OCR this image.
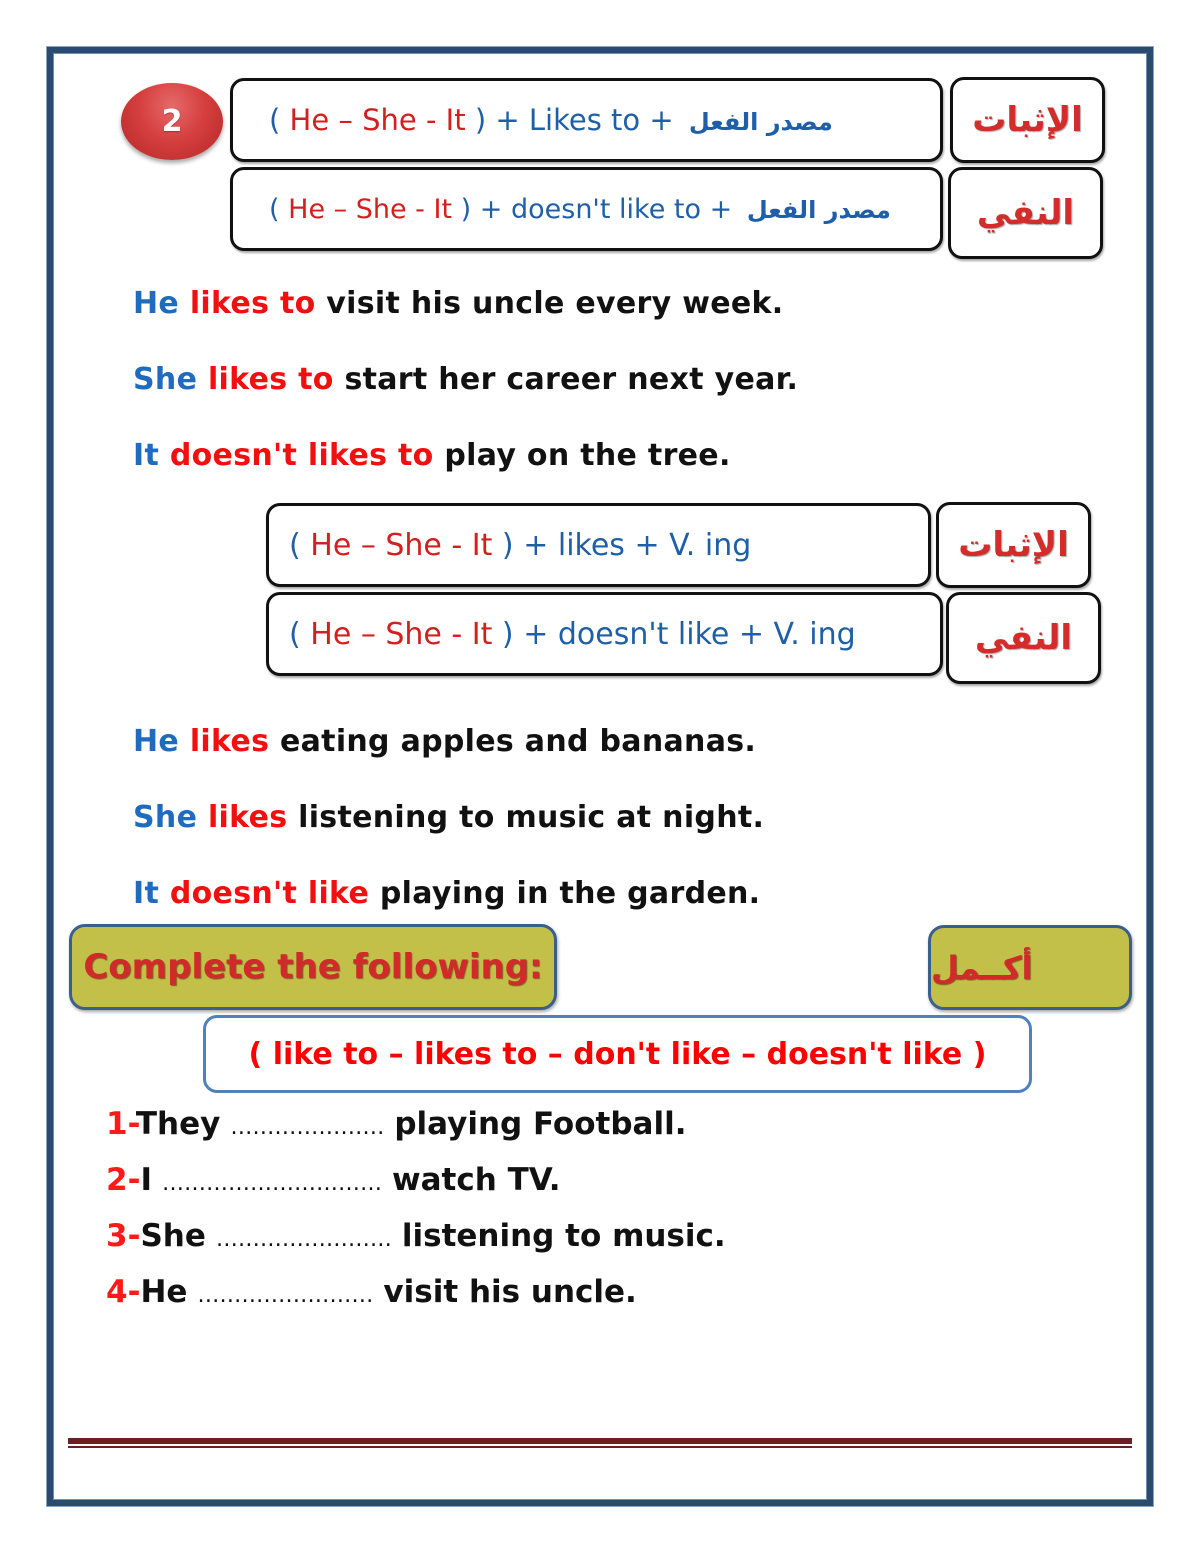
2	( He – She - It ) + Likes to + مصدر الفعل	الإثبات
( He – She - It ) + doesn't like to + مصدر الفعل	النفي
He likes to visit his uncle every week.
She likes to start her career next year.
It doesn't likes to play on the tree.
( He – She - It ) + likes + V. ing	الإثبات
( He – She - It ) + doesn't like + V. ing	النفي
He likes eating apples and bananas.
She likes listening to music at night.
It doesn't like playing in the garden.
Complete the following:	أكــمل
( like to – likes to – don't like – doesn't like )
1-They ………………… playing Football.
2-I ………………………… watch TV.
3-She …………………… listening to music.
4-He …………………… visit his uncle.
